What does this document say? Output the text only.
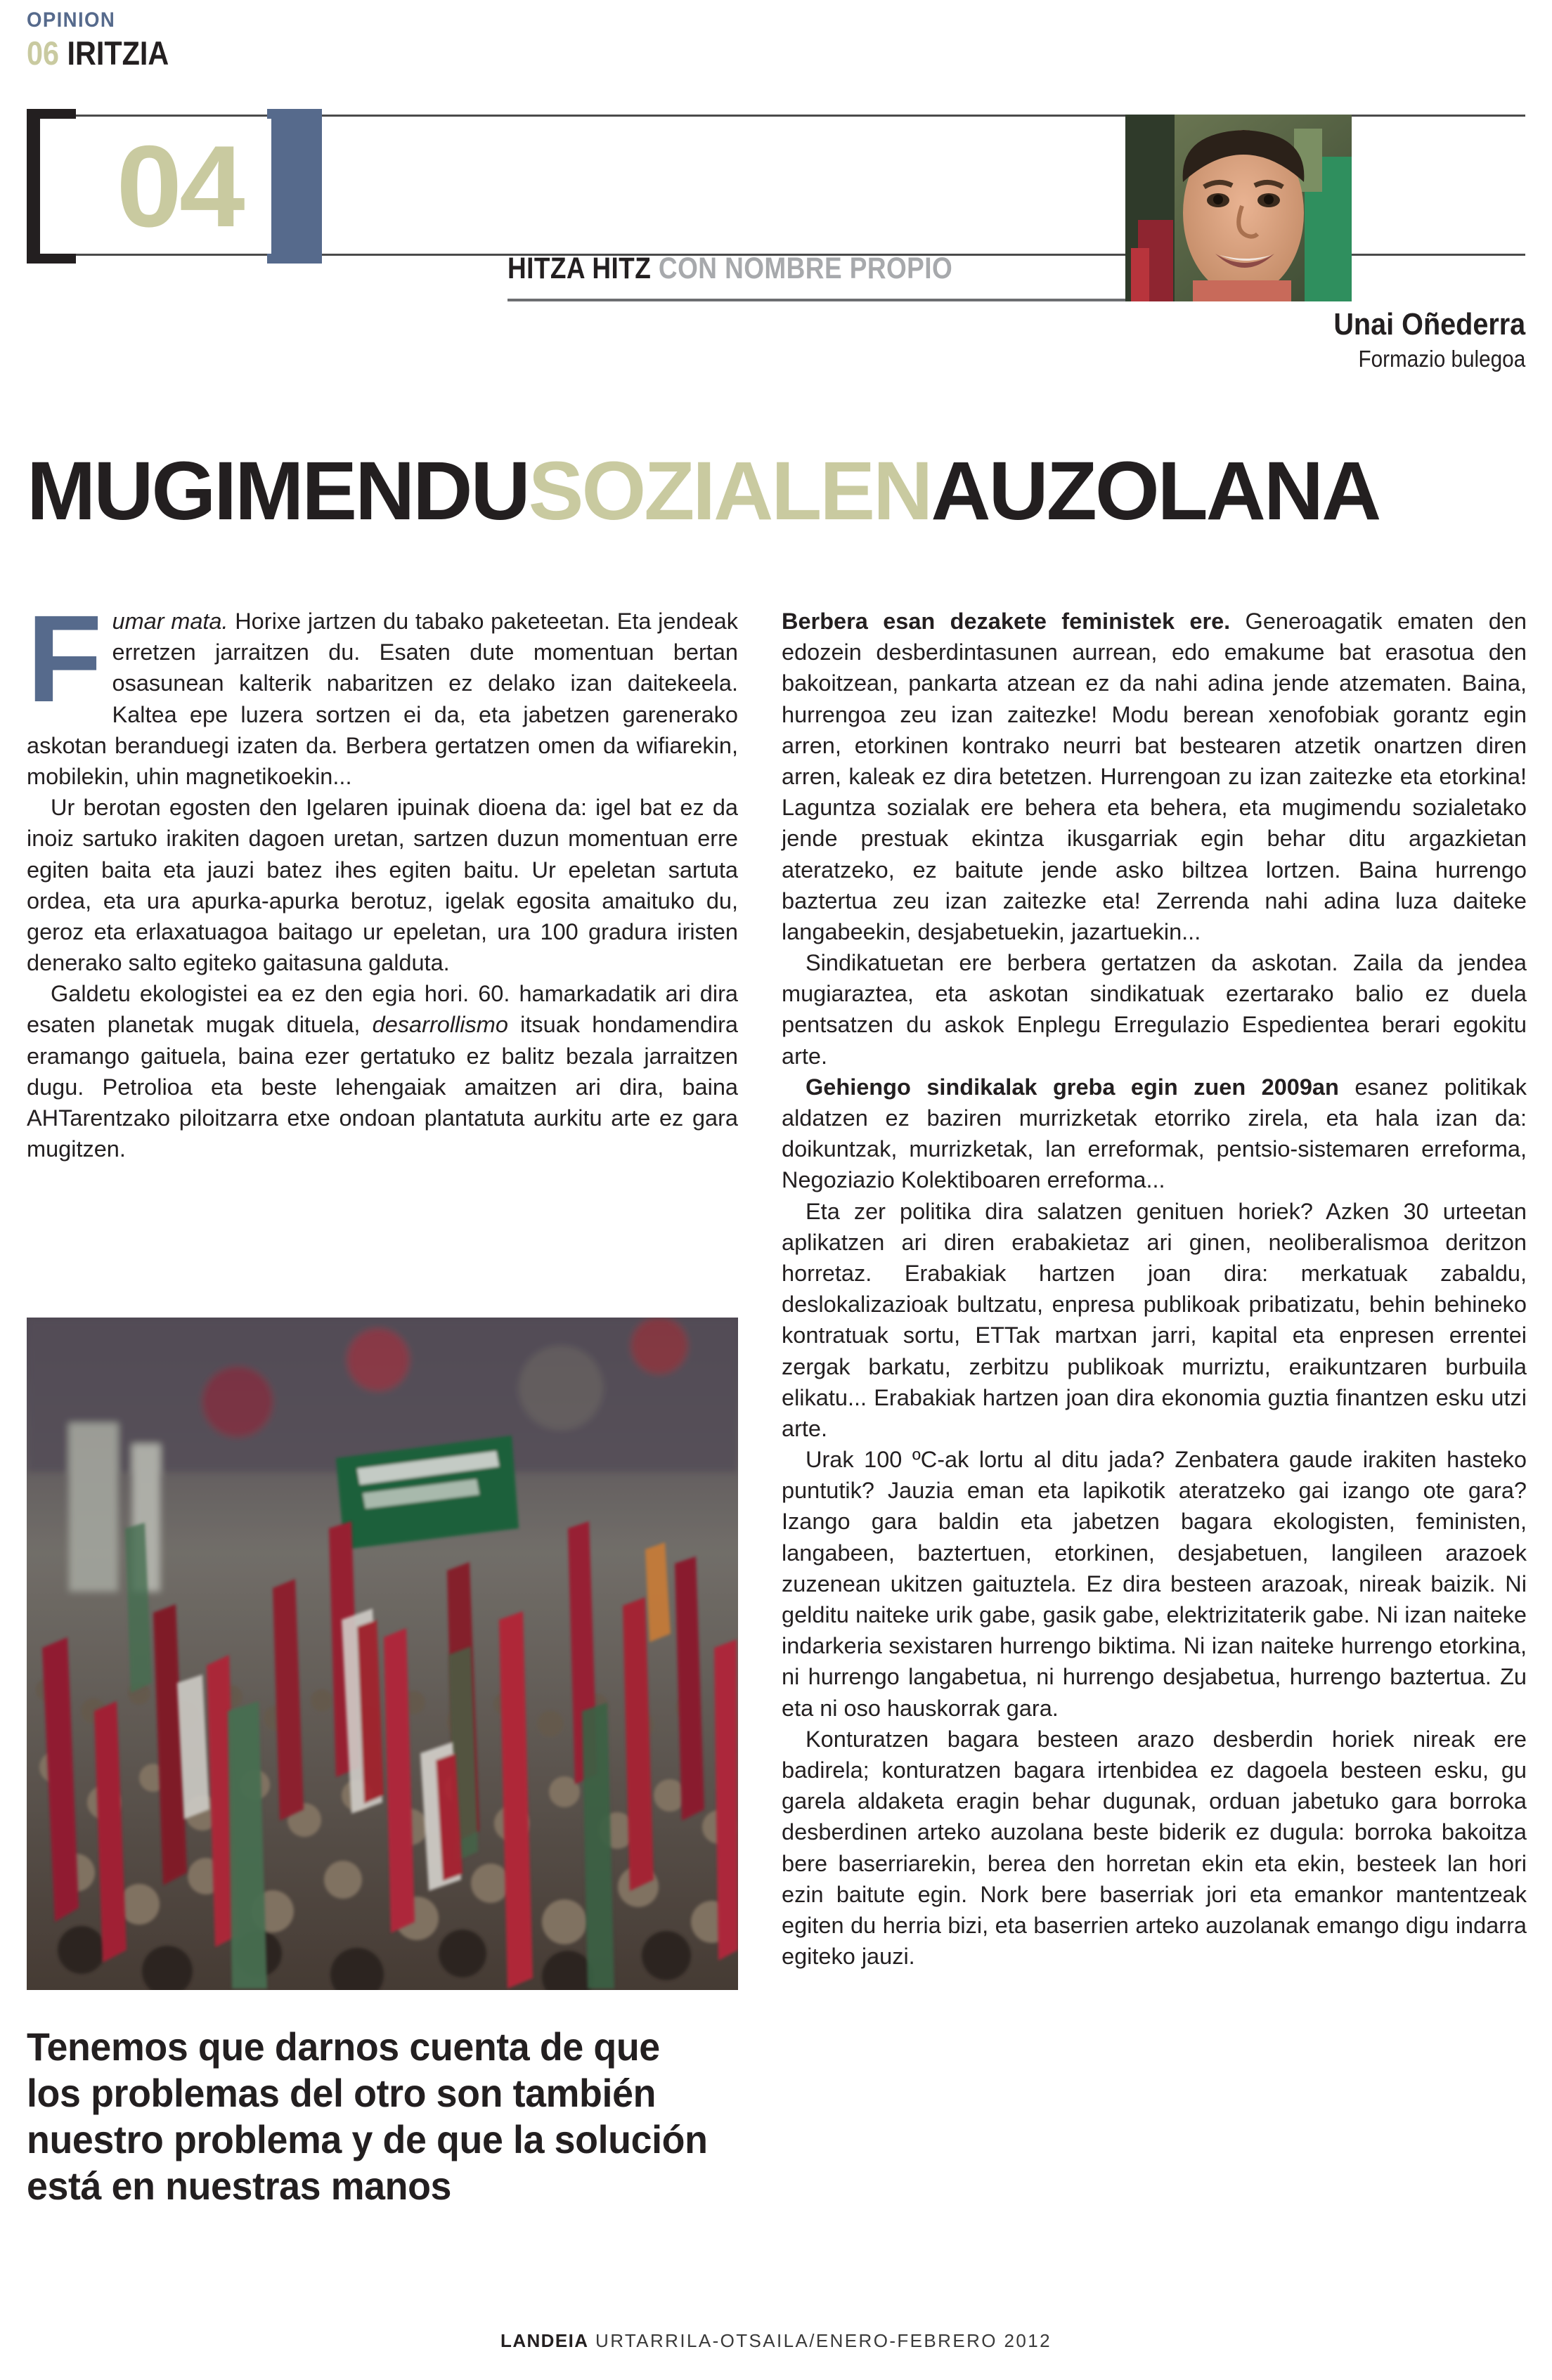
OPINION
06 IRITZIA
04
HITZA HITZ CON NOMBRE PROPIO
Unai Oñederra
Formazio bulegoa
MUGIMENDUSOZIALENAUZOLANA

Fumar mata. Horixe jartzen du tabako paketeetan. Eta jendeak erretzen jarraitzen du. Esaten dute momentuan bertan osasunean kalterik nabaritzen ez delako izan daitekeela. Kaltea epe luzera sortzen ei da, eta jabetzen garenerako askotan beranduegi izaten da. Berbera gertatzen omen da wifiarekin, mobilekin, uhin magnetikoekin...

Ur berotan egosten den Igelaren ipuinak dioena da: igel bat ez da inoiz sartuko irakiten dagoen uretan, sartzen duzun momentuan erre egiten baita eta jauzi batez ihes egiten baitu. Ur epeletan sartuta ordea, eta ura apurka-apurka berotuz, igelak egosita amaituko du, geroz eta erlaxatuagoa baitago ur epeletan, ura 100 gradura iristen denerako salto egiteko gaitasuna galduta.

Galdetu ekologistei ea ez den egia hori. 60. hamarkadatik ari dira esaten planetak mugak dituela, desarrollismo itsuak hondamendira eramango gaituela, baina ezer gertatuko ez balitz bezala jarraitzen dugu. Petrolioa eta beste lehengaiak amaitzen ari dira, baina AHTarentzako piloitzarra etxe ondoan plantatuta aurkitu arte ez gara mugitzen.

Tenemos que darnos cuenta de que los problemas del otro son también nuestro problema y de que la solución está en nuestras manos

Berbera esan dezakete feministek ere. Generoagatik ematen den edozein desberdintasunen aurrean, edo emakume bat erasotua den bakoitzean, pankarta atzean ez da nahi adina jende atzematen. Baina, hurrengoa zeu izan zaitezke! Modu berean xenofobiak gorantz egin arren, etorkinen kontrako neurri bat bestearen atzetik onartzen diren arren, kaleak ez dira betetzen. Hurrengoan zu izan zaitezke eta etorkina! Laguntza sozialak ere behera eta behera, eta mugimendu sozialetako jende prestuak ekintza ikusgarriak egin behar ditu argazkietan ateratzeko, ez baitute jende asko biltzea lortzen. Baina hurrengo baztertua zeu izan zaitezke eta! Zerrenda nahi adina luza daiteke langabeekin, desjabetuekin, jazartuekin...

Sindikatuetan ere berbera gertatzen da askotan. Zaila da jendea mugiaraztea, eta askotan sindikatuak ezertarako balio ez duela pentsatzen du askok Enplegu Erregulazio Espedientea berari egokitu arte.

Gehiengo sindikalak greba egin zuen 2009an esanez politikak aldatzen ez baziren murrizketak etorriko zirela, eta hala izan da: doikuntzak, murrizketak, lan erreformak, pentsio-sistemaren erreforma, Negoziazio Kolektiboaren erreforma...

Eta zer politika dira salatzen genituen horiek? Azken 30 urteetan aplikatzen ari diren erabakietaz ari ginen, neoliberalismoa deritzon horretaz. Erabakiak hartzen joan dira: merkatuak zabaldu, deslokalizazioak bultzatu, enpresa publikoak pribatizatu, behin behineko kontratuak sortu, ETTak martxan jarri, kapital eta enpresen errentei zergak barkatu, zerbitzu publikoak murriztu, eraikuntzaren burbuila elikatu... Erabakiak hartzen joan dira ekonomia guztia finantzen esku utzi arte.

Urak 100 ºC-ak lortu al ditu jada? Zenbatera gaude irakiten hasteko puntutik? Jauzia eman eta lapikotik ateratzeko gai izango ote gara? Izango gara baldin eta jabetzen bagara ekologisten, feministen, langabeen, baztertuen, etorkinen, desjabetuen, langileen arazoek zuzenean ukitzen gaituztela. Ez dira besteen arazoak, nireak baizik. Ni gelditu naiteke urik gabe, gasik gabe, elektrizitaterik gabe. Ni izan naiteke indarkeria sexistaren hurrengo biktima. Ni izan naiteke hurrengo etorkina, ni hurrengo langabetua, ni hurrengo desjabetua, hurrengo baztertua. Zu eta ni oso hauskorrak gara.

Konturatzen bagara besteen arazo desberdin horiek nireak ere badirela; konturatzen bagara irtenbidea ez dagoela besteen esku, gu garela aldaketa eragin behar dugunak, orduan jabetuko gara borroka desberdinen arteko auzolana beste biderik ez dugula: borroka bakoitza bere baserriarekin, berea den horretan ekin eta ekin, besteek lan hori ezin baitute egin. Nork bere baserriak jori eta emankor mantentzeak egiten du herria bizi, eta baserrien arteko auzolanak emango digu indarra egiteko jauzi.

LANDEIA URTARRILA-OTSAILA/ENERO-FEBRERO 2012
